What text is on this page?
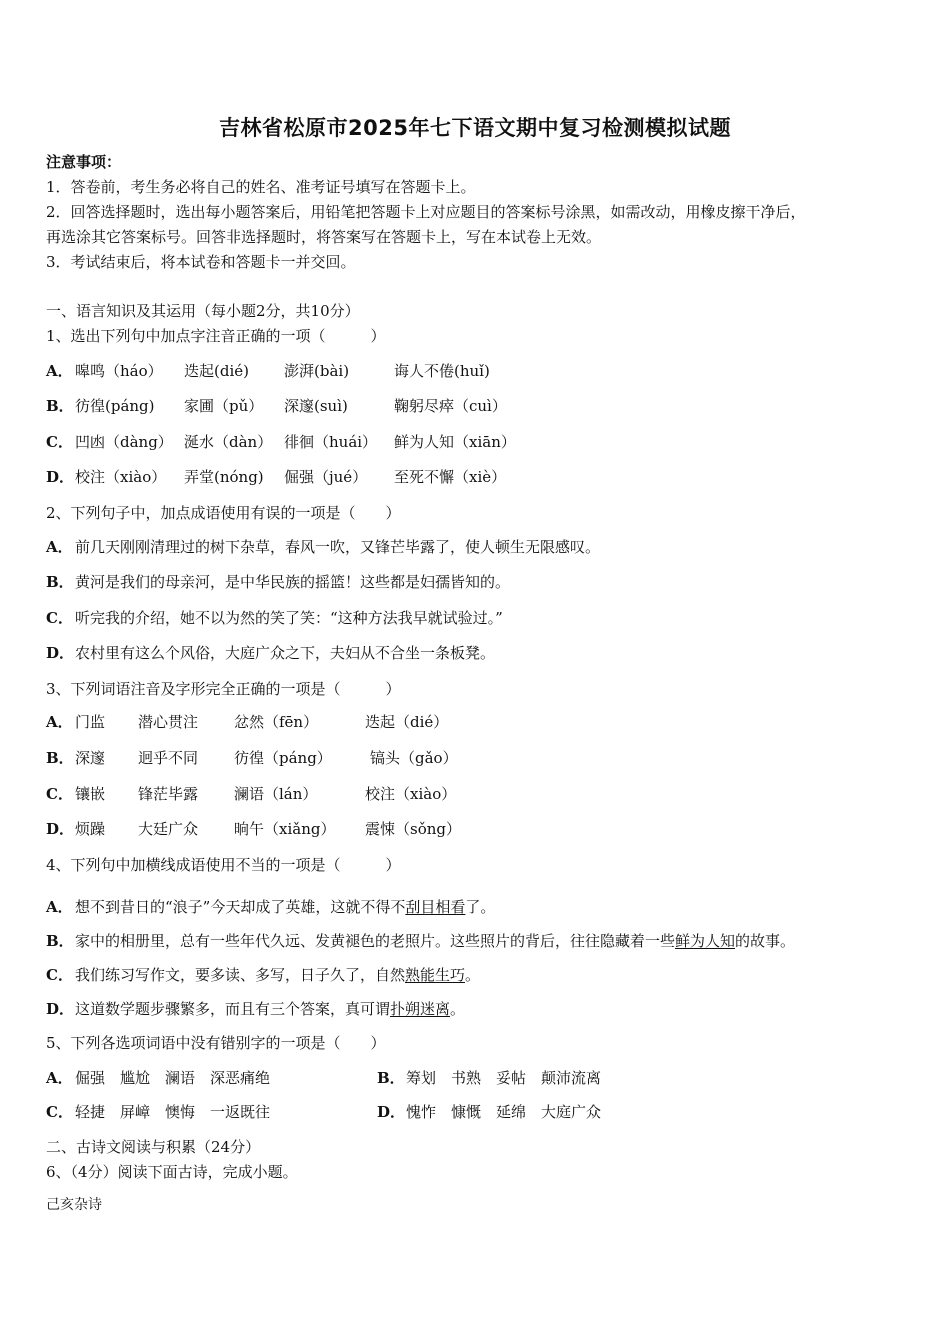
吉林省松原市2025年七下语文期中复习检测模拟试题
注意事项：
1．答卷前，考生务必将自己的姓名、准考证号填写在答题卡上。
2．回答选择题时，选出每小题答案后，用铅笔把答题卡上对应题目的答案标号涂黑，如需改动，用橡皮擦干净后，
再选涂其它答案标号。回答非选择题时，将答案写在答题卡上，写在本试卷上无效。
3．考试结束后，将本试卷和答题卡一并交回。
一、语言知识及其运用（每小题2分，共10分）
1、选出下列句中加点字注音正确的一项（　　　）
A． 嗥鸣（háo） 迭起(dié) 澎湃(bài)	诲人不倦(huǐ)
B．彷徨(páng) 家圃（pǔ） 深邃(suì)	鞠躬尽瘁（cuì）
C． 凹凼（dàng） 涎水（dàn） 徘徊（huái） 鲜为人知（xiān）
D．校注（xiào） 弄堂(nóng) 倔强（jué） 至死不懈（xiè）
2、下列句子中，加点成语使用有误的一项是（　　）
A． 前几天刚刚清理过的树下杂草，春风一吹，又锋芒毕露了，使人顿生无限感叹。
B．黄河是我们的母亲河，是中华民族的摇篮！这些都是妇孺皆知的。
C． 听完我的介绍，她不以为然的笑了笑：“这种方法我早就试验过。”
D．农村里有这么个风俗，大庭广众之下，夫妇从不合坐一条板凳。
3、下列词语注音及字形完全正确的一项是（　　　）
A． 门监 潜心贯注 忿然（fēn）	迭起（dié）
B．深邃 迥乎不同 彷徨（páng）	镐头（gǎo）
C． 镶嵌 锋茫毕露 澜语（lán）	校注（xiào）
D．烦躁 大廷广众 晌午（xiǎng） 震悚（sǒng）
4、下列句中加横线成语使用不当的一项是（　　　）
A． 想不到昔日的“浪子”今天却成了英雄，这就不得不刮目相看了。
B．家中的相册里，总有一些年代久远、发黄褪色的老照片。这些照片的背后，往往隐藏着一些鲜为人知的故事。
C． 我们练习写作文，要多读、多写，日子久了，自然熟能生巧。
D．这道数学题步骤繁多，而且有三个答案，真可谓扑朔迷离。
5、下列各选项词语中没有错别字的一项是（　　）
A． 倔强　尴尬　澜语　深恶痛绝	B．筹划　书熟　妥帖　颠沛流离
C． 轻捷　屏嶂　懊悔　一返既往	D．愧怍　慷慨　延绵　大庭广众
二、古诗文阅读与积累（24分）
6、（4分）阅读下面古诗，完成小题。
己亥杂诗
